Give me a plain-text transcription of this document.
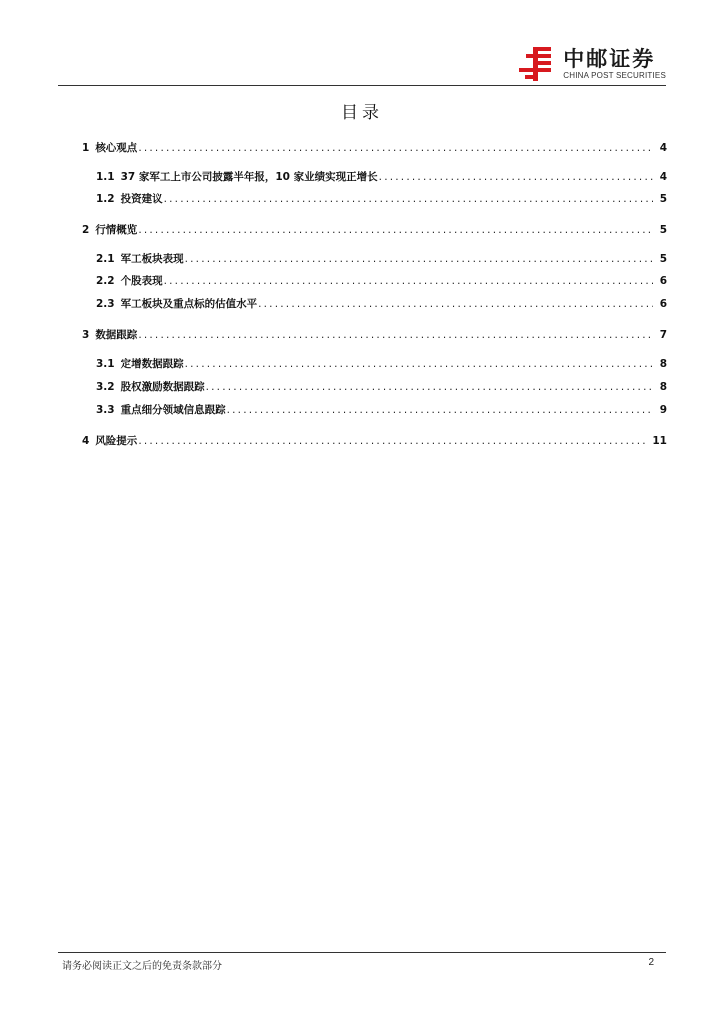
中邮证券
CHINA POST SECURITIES
目录
1 核心观点 .....	4
1.1 37 家军工上市公司披露半年报，10 家业绩实现正增长 .....	4
1.2 投资建议 .....	5
2 行情概览 .....	5
2.1 军工板块表现 .....	5
2.2 个股表现 .....	6
2.3 军工板块及重点标的估值水平 .....	6
3 数据跟踪 .....	7
3.1 定增数据跟踪 .....	8
3.2 股权激励数据跟踪 .....	8
3.3 重点细分领域信息跟踪 .....	9
4 风险提示 .....	11
请务必阅读正文之后的免责条款部分	2
